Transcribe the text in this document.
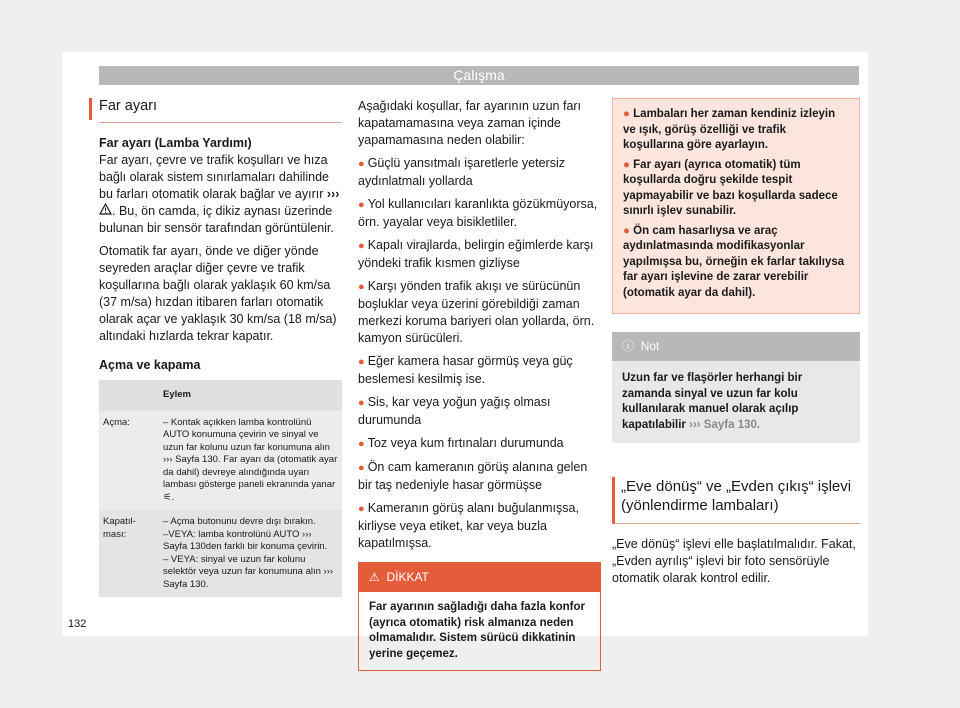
Çalışma
Far ayarı
Far ayarı (Lamba Yardımı)

Far ayarı, çevre ve trafik koşulları ve hıza bağlı olarak sistem sınırlamaları dahilinde bu farları otomatik olarak bağlar ve ayırır ››› . Bu, ön camda, iç dikiz aynası üzerinde bulunan bir sensör tarafından görüntülenir.

Otomatik far ayarı, önde ve diğer yönde seyreden araçlar diğer çevre ve trafik koşullarına bağlı olarak yaklaşık 60 km/sa (37 m/sa) hızdan itibaren farları otomatik olarak açar ve yaklaşık 30 km/sa (18 m/sa) altındaki hızlarda tekrar kapatır.

Açma ve kapama
	Eylem
Açma:	– Kontak açıkken lamba kontrolünü AUTO konumuna çevirin ve sinyal ve uzun far kolunu uzun far konumuna alın ››› Sayfa 130. Far ayarı da (otomatik ayar da dahil) devreye alındığında uyarı lambası gösterge paneli ekranında yanar ⚟.
Kapatıl-ması:	– Açma butonunu devre dışı bırakın.
–VEYA: lamba kontrolünü AUTO ››› Sayfa 130den farklı bir konuma çevirin.
– VEYA: sinyal ve uzun far kolunu selektör veya uzun far konumuna alın ››› Sayfa 130.

Aşağıdaki koşullar, far ayarının uzun farı kapatamamasına veya zaman içinde yapamamasına neden olabilir:

● Güçlü yansıtmalı işaretlerle yetersiz aydınlatmalı yollarda

● Yol kullanıcıları karanlıkta gözükmüyorsa, örn. yayalar veya bisikletliler.

● Kapalı virajlarda, belirgin eğimlerde karşı yöndeki trafik kısmen gizliyse

● Karşı yönden trafik akışı ve sürücünün boşluklar veya üzerini görebildiği zaman merkezi koruma bariyeri olan yollarda, örn. kamyon sürücüleri.

● Eğer kamera hasar görmüş veya güç beslemesi kesilmiş ise.

● Sis, kar veya yoğun yağış olması durumunda

● Toz veya kum fırtınaları durumunda

● Ön cam kameranın görüş alanına gelen bir taş nedeniyle hasar görmüşse

● Kameranın görüş alanı buğulanmışsa, kirliyse veya etiket, kar veya buzla kapatılmışsa.

⚠ DİKKAT
Far ayarının sağladığı daha fazla konfor (ayrıca otomatik) risk almanıza neden olmamalıdır. Sistem sürücü dikkatinin yerine geçemez.
● Lambaları her zaman kendiniz izleyin ve ışık, görüş özelliği ve trafik koşullarına göre ayarlayın.
● Far ayarı (ayrıca otomatik) tüm koşullarda doğru şekilde tespit yapmayabilir ve bazı koşullarda sadece sınırlı işlev sunabilir.
● Ön cam hasarlıysa ve araç aydınlatmasında modifikasyonlar yapılmışsa bu, örneğin ek farlar takılıysa far ayarı işlevine de zarar verebilir (otomatik ayar da dahil).
ⓘ Not
Uzun far ve flaşörler herhangi bir zamanda sinyal ve uzun far kolu kullanılarak manuel olarak açılıp kapatılabilir ››› Sayfa 130.
„Eve dönüş“ ve „Evden çıkış“ işlevi (yönlendirme lambaları)

„Eve dönüş“ işlevi elle başlatılmalıdır. Fakat, „Evden ayrılış“ işlevi bir foto sensörüyle otomatik olarak kontrol edilir.

132
